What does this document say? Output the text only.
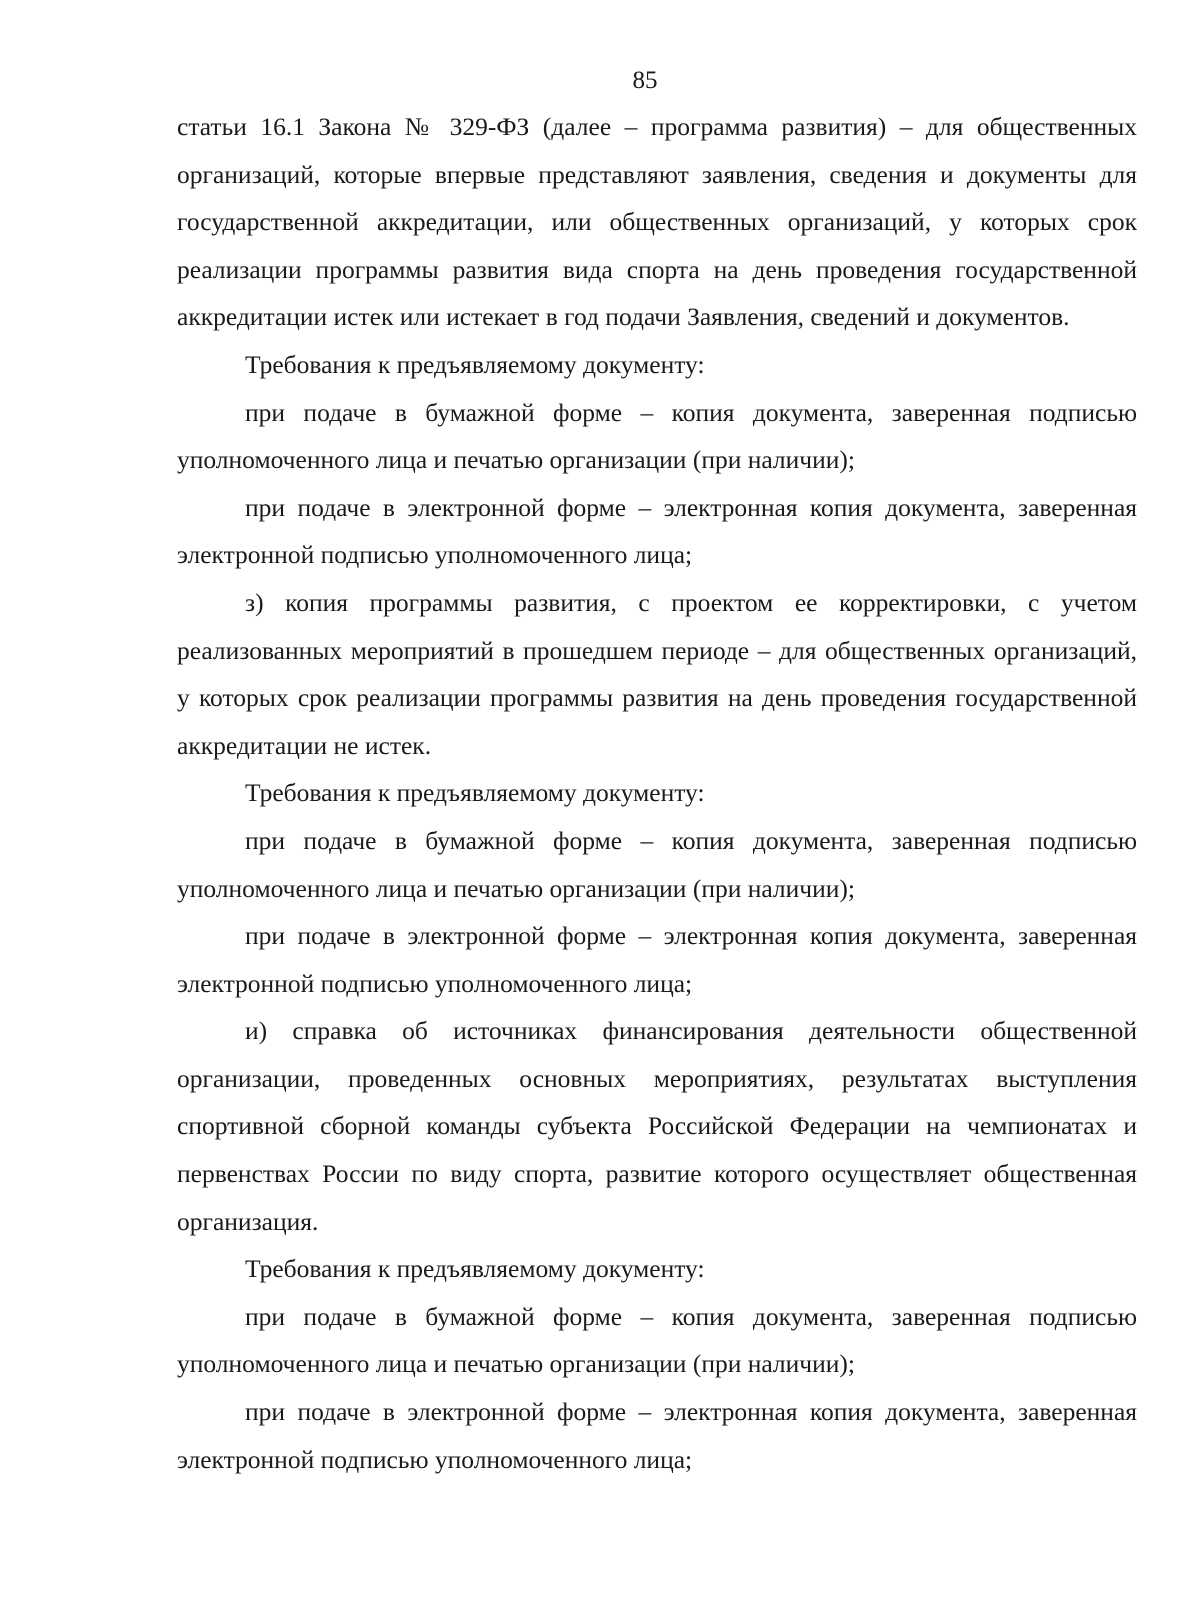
85

статьи 16.1 Закона № 329-ФЗ (далее – программа развития) – для общественных организаций, которые впервые представляют заявления, сведения и документы для государственной аккредитации, или общественных организаций, у которых срок реализации программы развития вида спорта на день проведения государственной аккредитации истек или истекает в год подачи Заявления, сведений и документов.

Требования к предъявляемому документу:

при подаче в бумажной форме – копия документа, заверенная подписью уполномоченного лица и печатью организации (при наличии);

при подаче в электронной форме – электронная копия документа, заверенная электронной подписью уполномоченного лица;

з) копия программы развития, с проектом ее корректировки, с учетом реализованных мероприятий в прошедшем периоде – для общественных организаций, у которых срок реализации программы развития на день проведения государственной аккредитации не истек.

Требования к предъявляемому документу:

при подаче в бумажной форме – копия документа, заверенная подписью уполномоченного лица и печатью организации (при наличии);

при подаче в электронной форме – электронная копия документа, заверенная электронной подписью уполномоченного лица;

и) справка об источниках финансирования деятельности общественной организации, проведенных основных мероприятиях, результатах выступления спортивной сборной команды субъекта Российской Федерации на чемпионатах и первенствах России по виду спорта, развитие которого осуществляет общественная организация.

Требования к предъявляемому документу:

при подаче в бумажной форме – копия документа, заверенная подписью уполномоченного лица и печатью организации (при наличии);

при подаче в электронной форме – электронная копия документа, заверенная электронной подписью уполномоченного лица;
